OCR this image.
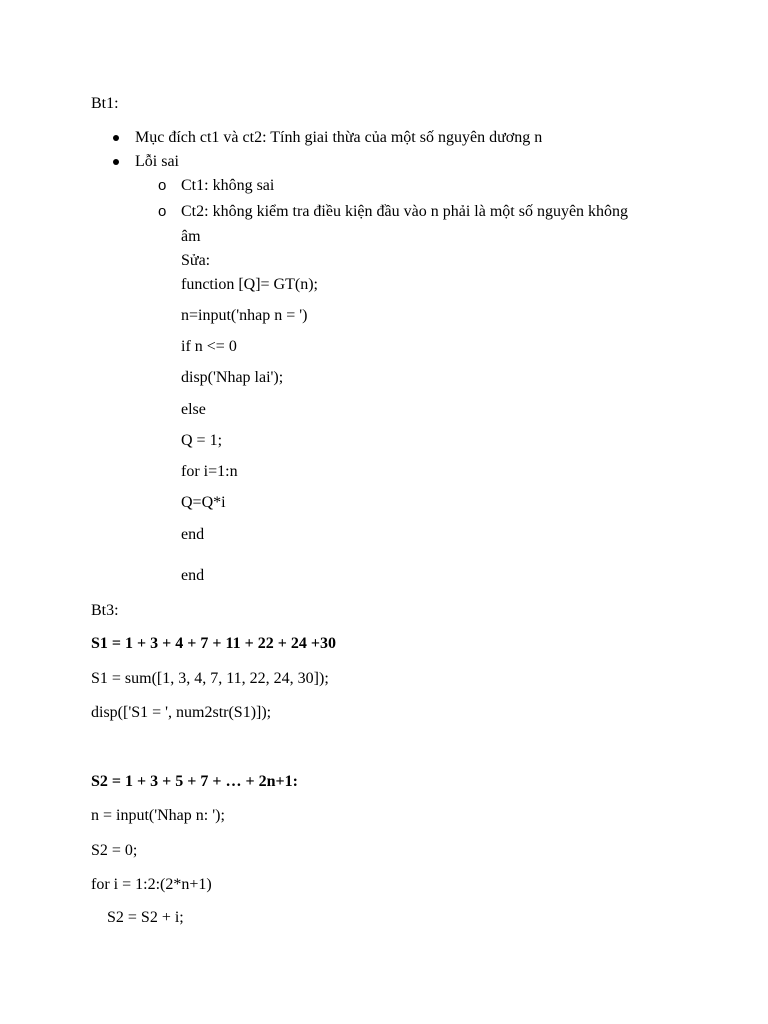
Bt1:
Mục đích ct1 và ct2: Tính giai thừa của một số nguyên dương n
Lỗi sai
o Ct1: không sai
o Ct2: không kiểm tra điều kiện đầu vào n phải là một số nguyên không
âm
Sửa:
function [Q]= GT(n);
n=input('nhap n = ')
if n <= 0
disp('Nhap lai');
else
Q = 1;
for i=1:n
Q=Q*i
end
end
Bt3:
S1 = 1 + 3 + 4 + 7 + 11 + 22 + 24 +30
S1 = sum([1, 3, 4, 7, 11, 22, 24, 30]);
disp(['S1 = ', num2str(S1)]);
S2 = 1 + 3 + 5 + 7 + … + 2n+1:
n = input('Nhap n: ');
S2 = 0;
for i = 1:2:(2*n+1)
S2 = S2 + i;
